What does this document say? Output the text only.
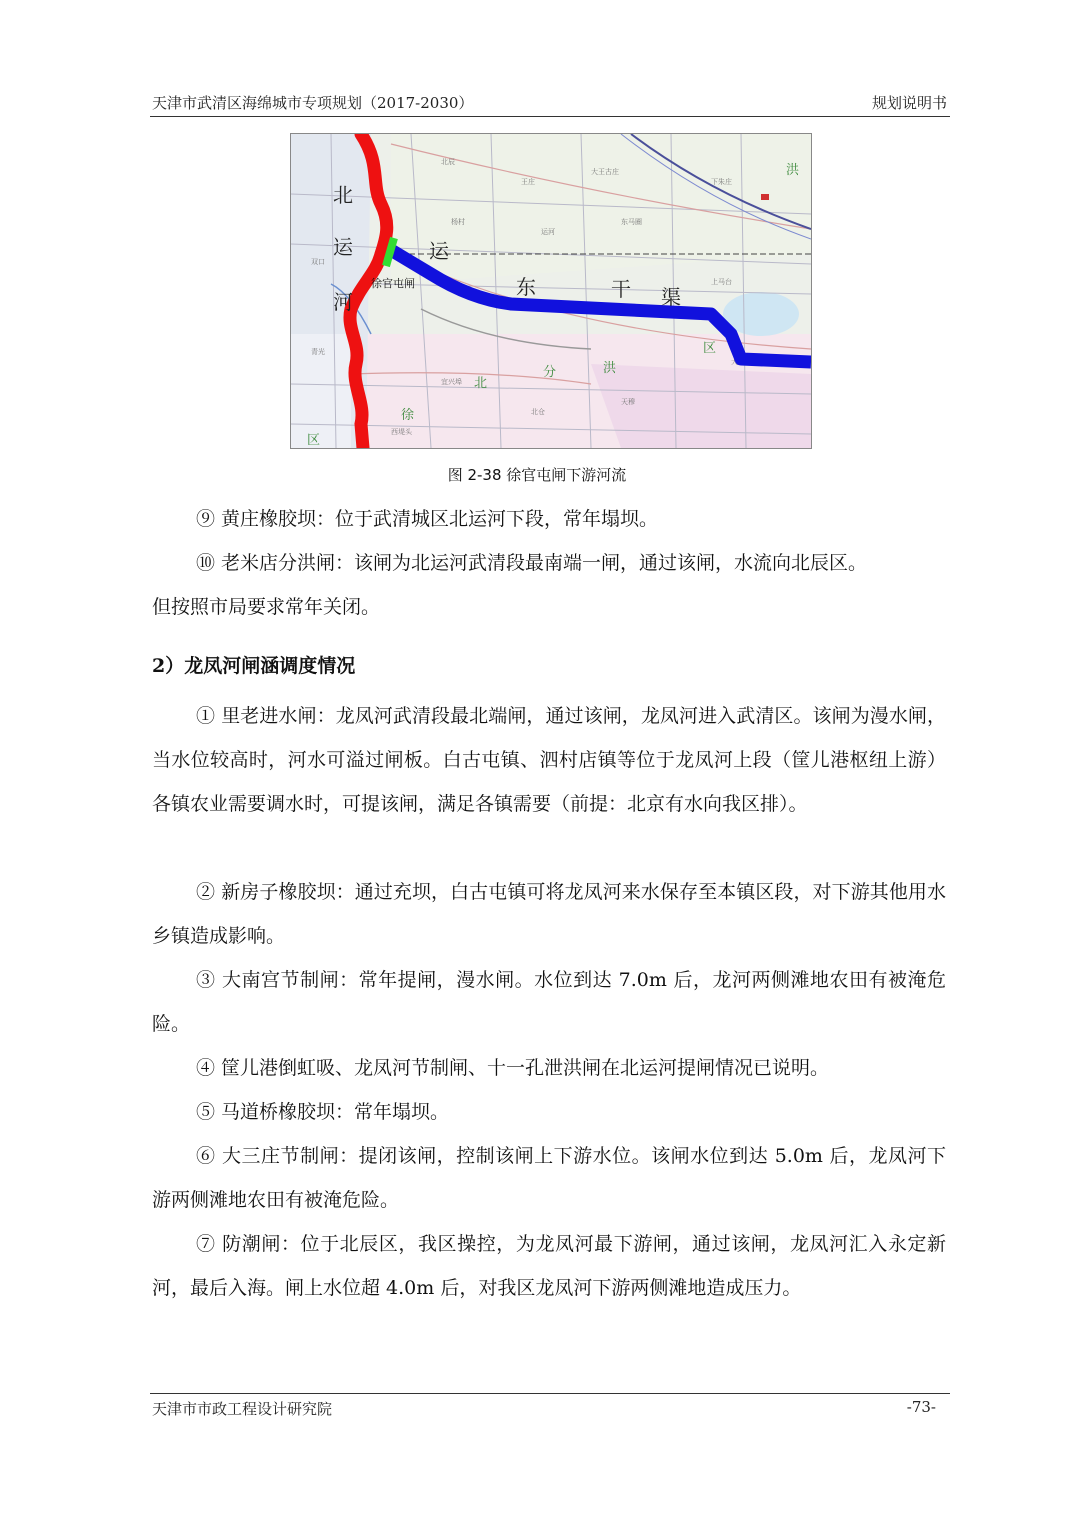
天津市武清区海绵城市专项规划（2017-2030）	规划说明书
北辰
王庄
大王古庄
下朱庄
杨村
运河
东马圈
上马台
双口
青光
宜兴埠
北仓
天穆
大张庄
西堤头
北
运
河
运
东	干 渠
区
北
分	洪
洪
徐
区
徐官屯闸
图 2-38 徐官屯闸下游河流
⑨ 黄庄橡胶坝：位于武清城区北运河下段，常年塌坝。
⑩ 老米店分洪闸：该闸为北运河武清段最南端一闸，通过该闸，水流向北辰区。
但按照市局要求常年关闭。
2）龙凤河闸涵调度情况
① 里老进水闸：龙凤河武清段最北端闸，通过该闸，龙凤河进入武清区。该闸为漫水闸，当水位较高时，河水可溢过闸板。白古屯镇、泗村店镇等位于龙凤河上段（筐儿港枢纽上游）各镇农业需要调水时，可提该闸，满足各镇需要（前提：北京有水向我区排）。
② 新房子橡胶坝：通过充坝，白古屯镇可将龙凤河来水保存至本镇区段，对下游其他用水乡镇造成影响。
③ 大南宫节制闸：常年提闸，漫水闸。水位到达 7.0m 后，龙河两侧滩地农田有被淹危险。
④ 筐儿港倒虹吸、龙凤河节制闸、十一孔泄洪闸在北运河提闸情况已说明。
⑤ 马道桥橡胶坝：常年塌坝。
⑥ 大三庄节制闸：提闭该闸，控制该闸上下游水位。该闸水位到达 5.0m 后，龙凤河下游两侧滩地农田有被淹危险。
⑦ 防潮闸：位于北辰区，我区操控，为龙凤河最下游闸，通过该闸，龙凤河汇入永定新河，最后入海。闸上水位超 4.0m 后，对我区龙凤河下游两侧滩地造成压力。
天津市市政工程设计研究院	-73-
